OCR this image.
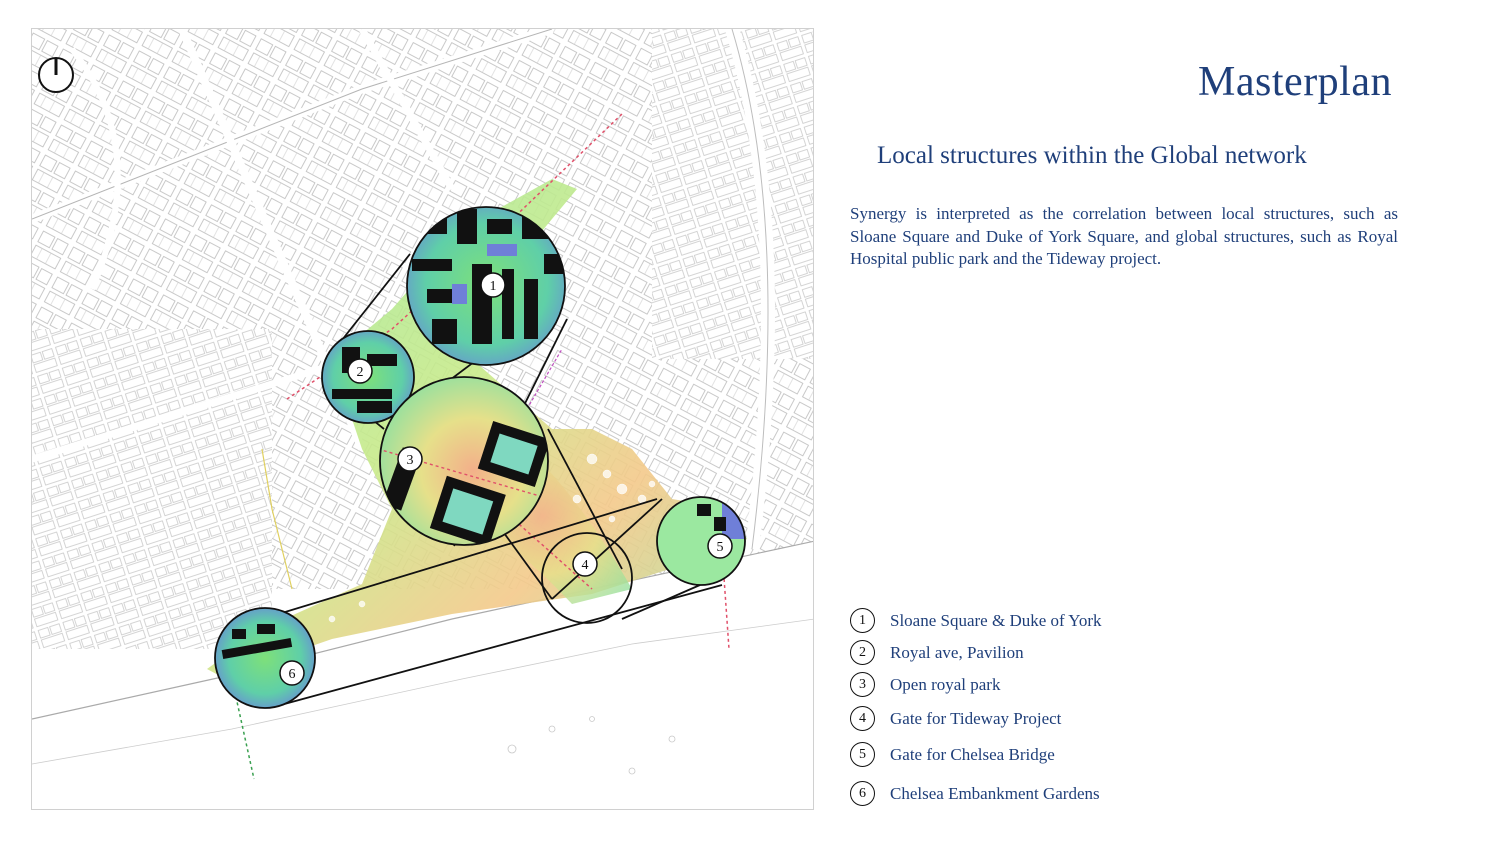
1
2
3
4
5
6
Masterplan
Local structures within the Global network
Synergy is interpreted as the correlation between local structures, such as Sloane Square and Duke of York Square, and global structures, such as Royal Hospital public park and the Tideway project.
1	Sloane Square & Duke of York
2	Royal ave, Pavilion
3	Open royal park
4	Gate for Tideway Project
5	Gate for Chelsea Bridge
6	Chelsea Embankment Gardens
